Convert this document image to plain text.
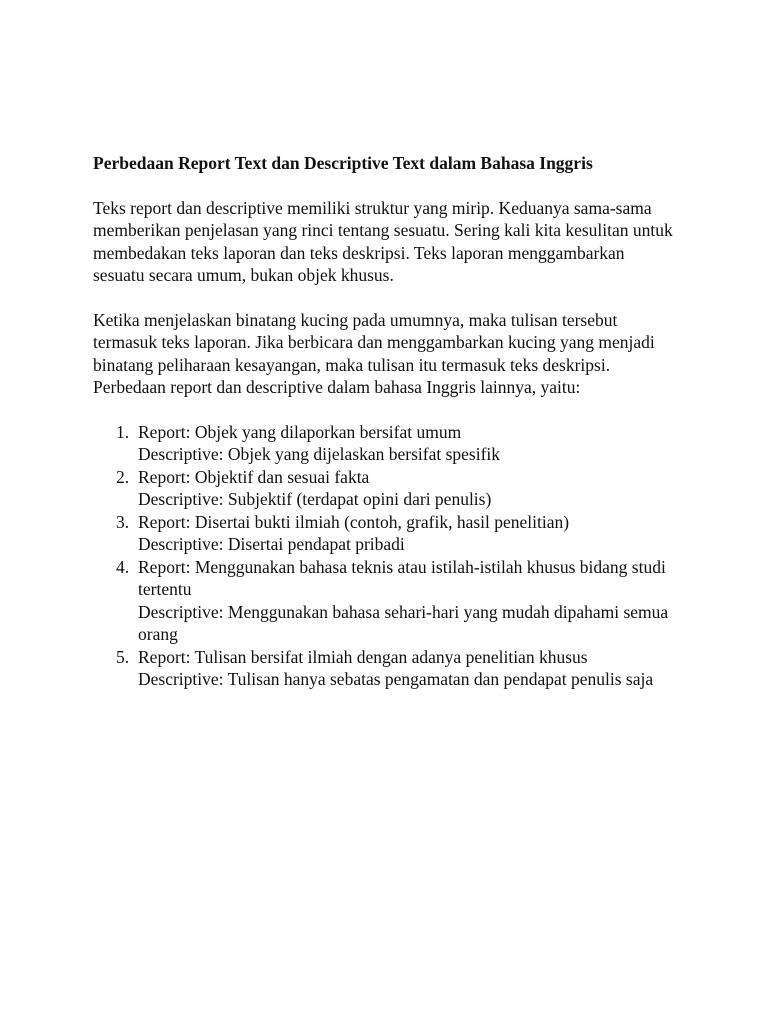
Perbedaan Report Text dan Descriptive Text dalam Bahasa Inggris

Teks report dan descriptive memiliki struktur yang mirip. Keduanya sama-sama memberikan penjelasan yang rinci tentang sesuatu. Sering kali kita kesulitan untuk membedakan teks laporan dan teks deskripsi. Teks laporan menggambarkan sesuatu secara umum, bukan objek khusus.

Ketika menjelaskan binatang kucing pada umumnya, maka tulisan tersebut termasuk teks laporan. Jika berbicara dan menggambarkan kucing yang menjadi binatang peliharaan kesayangan, maka tulisan itu termasuk teks deskripsi. Perbedaan report dan descriptive dalam bahasa Inggris lainnya, yaitu:

1. Report: Objek yang dilaporkan bersifat umum
Descriptive: Objek yang dijelaskan bersifat spesifik
2. Report: Objektif dan sesuai fakta
Descriptive: Subjektif (terdapat opini dari penulis)
3. Report: Disertai bukti ilmiah (contoh, grafik, hasil penelitian)
Descriptive: Disertai pendapat pribadi
4. Report: Menggunakan bahasa teknis atau istilah-istilah khusus bidang studi tertentu
Descriptive: Menggunakan bahasa sehari-hari yang mudah dipahami semua orang
5. Report: Tulisan bersifat ilmiah dengan adanya penelitian khusus
Descriptive: Tulisan hanya sebatas pengamatan dan pendapat penulis saja
